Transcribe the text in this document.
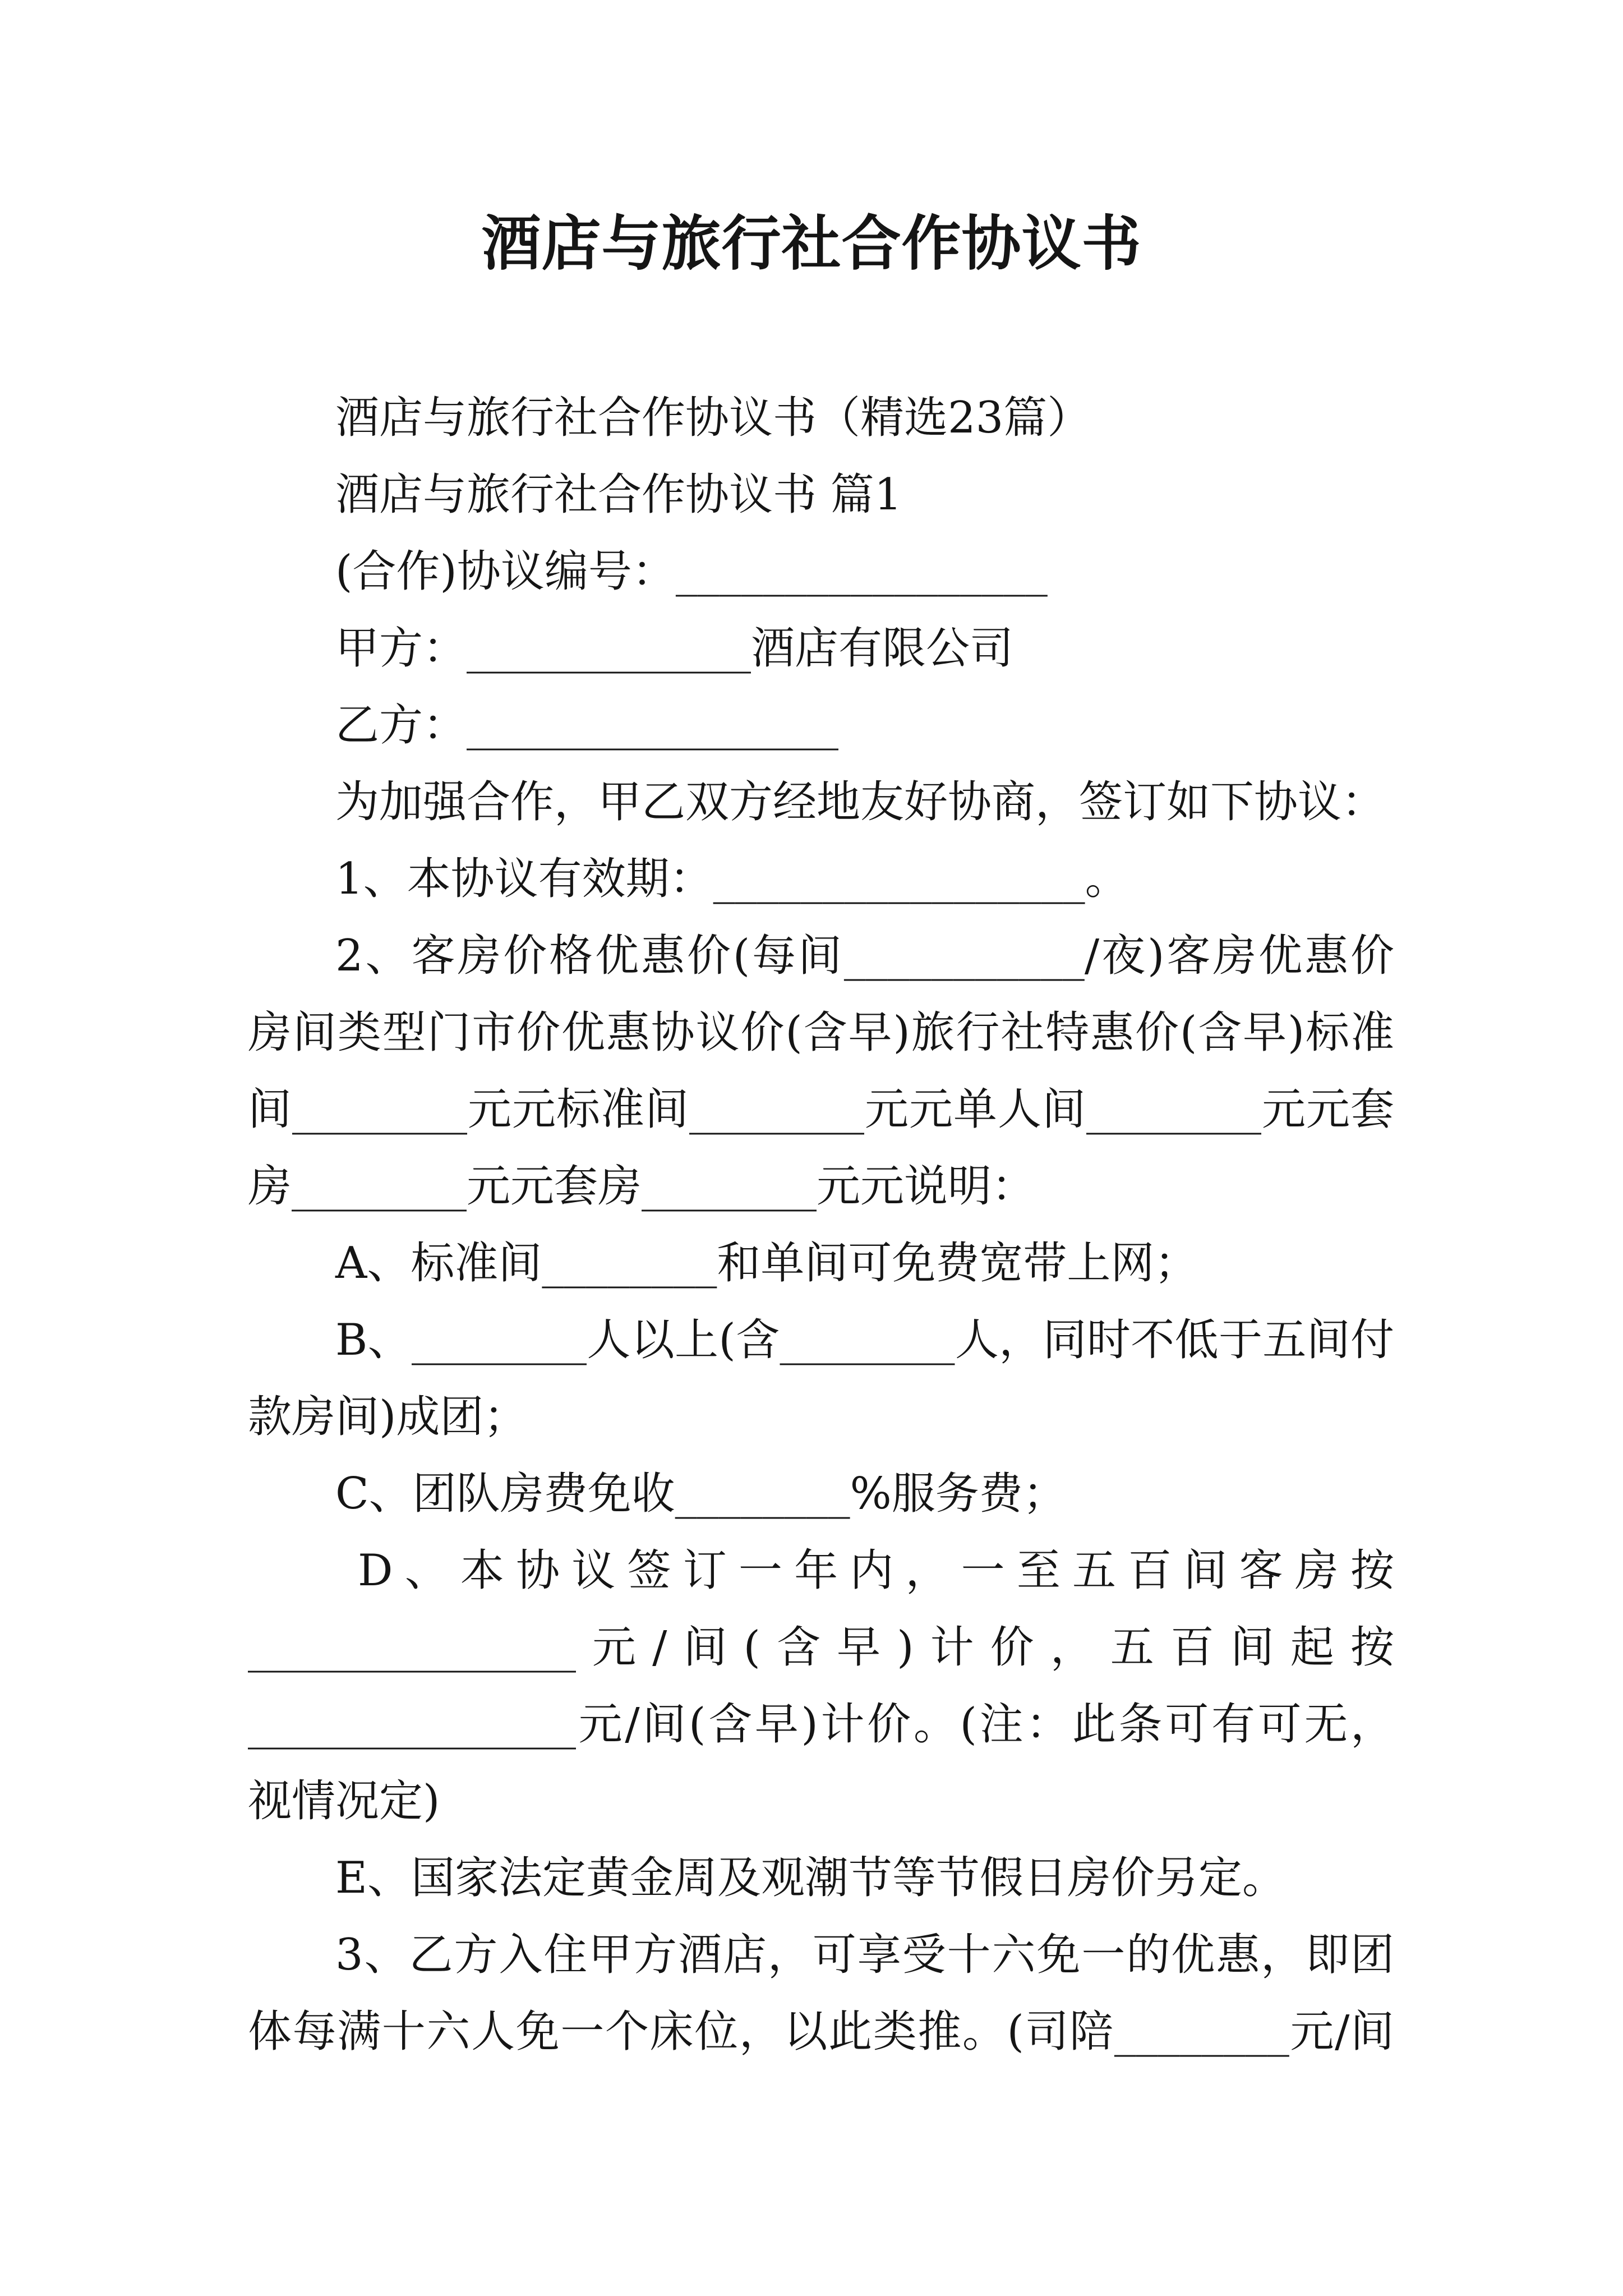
酒店与旅行社合作协议书
酒店与旅行社合作协议书（精选23篇）
酒店与旅行社合作协议书 篇1
(合作)协议编号：_________________
甲方：_____________酒店有限公司
乙方：_________________
为加强合作，甲乙双方经地友好协商，签订如下协议：
1、本协议有效期：_________________。
2、客房价格优惠价(每间___________/夜)客房优惠价
房间类型门市价优惠协议价(含早)旅行社特惠价(含早)标准
间________元元标准间________元元单人间________元元套
房________元元套房________元元说明：
A、标准间________和单间可免费宽带上网；
B、________人以上(含________人，同时不低于五间付
款房间)成团；
C、团队房费免收________%服务费；
D、本协议签订一年内，一至五百间客房按
_______________元/间(含早)计价，五百间起按
_______________元/间(含早)计价。(注：此条可有可无，
视情况定)
E、国家法定黄金周及观潮节等节假日房价另定。
3、乙方入住甲方酒店，可享受十六免一的优惠，即团
体每满十六人免一个床位，以此类推。(司陪________元/间
